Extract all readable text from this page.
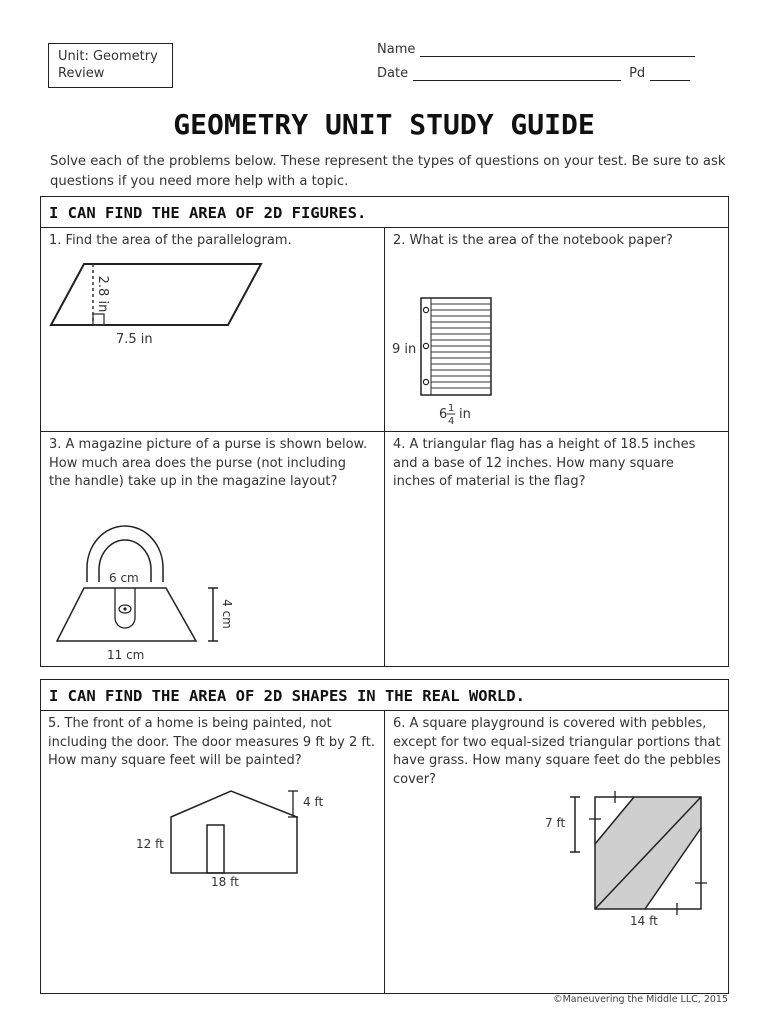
Unit: Geometry
Review
Name
Date	Pd
GEOMETRY UNIT STUDY GUIDE
Solve each of the problems below. These represent the types of questions on your test. Be sure to ask questions if you need more help with a topic.
I CAN FIND THE AREA OF 2D FIGURES.
1. Find the area of the parallelogram.
2.8 in
7.5 in
2. What is the area of the notebook paper?
9 in
6 1
4 in
3. A magazine picture of a purse is shown below. How much area does the purse (not including the handle) take up in the magazine layout?
6 cm
4 cm
11 cm
4. A triangular flag has a height of 18.5 inches and a base of 12 inches. How many square inches of material is the flag?
I CAN FIND THE AREA OF 2D SHAPES IN THE REAL WORLD.
5. The front of a home is being painted, not including the door. The door measures 9 ft by 2 ft. How many square feet will be painted?
4 ft
12 ft
18 ft
6. A square playground is covered with pebbles, except for two equal-sized triangular portions that have grass. How many square feet do the pebbles cover?
7 ft
14 ft
©Maneuvering the Middle LLC, 2015
